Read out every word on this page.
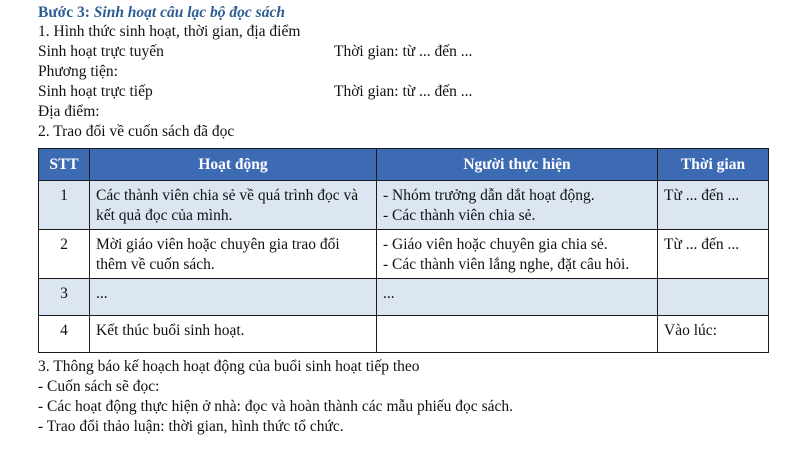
Bước 3: Sinh hoạt câu lạc bộ đọc sách
1. Hình thức sinh hoạt, thời gian, địa điểm
Sinh hoạt trực tuyến	Thời gian: từ ... đến ...
Phương tiện:
Sinh hoạt trực tiếp	Thời gian: từ ... đến ...
Địa điểm:
2. Trao đổi về cuốn sách đã đọc
STT	Hoạt động	Người thực hiện	Thời gian
1	Các thành viên chia sẻ về quá trình đọc và kết quả đọc của mình.	- Nhóm trưởng dẫn dắt hoạt động.
- Các thành viên chia sẻ.	Từ ... đến ...
2	Mời giáo viên hoặc chuyên gia trao đổi thêm về cuốn sách.	- Giáo viên hoặc chuyên gia chia sẻ.
- Các thành viên lắng nghe, đặt câu hỏi.	Từ ... đến ...
3	...	...	

4	Kết thúc buổi sinh hoạt.		Vào lúc:
3. Thông báo kế hoạch hoạt động của buổi sinh hoạt tiếp theo
- Cuốn sách sẽ đọc:
- Các hoạt động thực hiện ở nhà: đọc và hoàn thành các mẫu phiếu đọc sách.
- Trao đổi thảo luận: thời gian, hình thức tổ chức.
